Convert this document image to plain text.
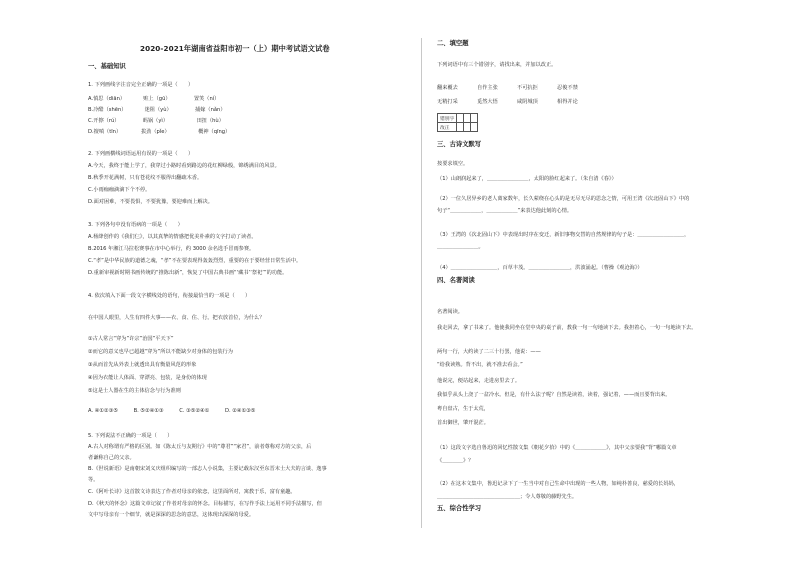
2020-2021年湖南省益阳市初一（上）期中考试语文试卷
一、基础知识
1. 下列画线字注音完全正确的一项是（　　）
A.慎思（diān）　　　　赃上（gū）　　　　　置笑（ní）
B.冷酷（shēn）　　　　迷阻（yù）　　　　　捕嫁（nǎn）
C.开擦（rú）　　　　　蚂锅（yì）　　　　　　田扭（hù）
D.擅嗔（tīn）　　　　 拔劲（pǐe）　　　　　　概神（qīnɡ）
2. 下列画横线词语运用有误的一项是（　　）
A.今天，我终于能上学了，我穿过小路时看到路边的花红柳绿般，锦绣满目的风景。
B.秋季开花满树，只有苍花纹不服得出翻疏木香。
C.小雨痂痂滴滴下个不停。
D.面对困难，不要畏惧，不要犹豫，要迎难而上解决。
3. 下列各句中没有语病的一项是（　　）
A.杨絳创作的《我们仨》，以其真挚的情感把优美朴素的文字打动了读者。
B.2016 年湘江马拉松赛事在市中心举行，约 3000 余名选手冒雨参赛。
C.“孝”是中华民族的道德之魂，“孝”不在要表现得轰轰烈烈，重要的在于要经营日常生活中。
D.重新审视新时期书画传统的“推陈出新”，恢复了中国古典书画“‘藏书’‘祭祀’”的功能。
4. 依次填入下面一段文字横线处的语句，衔接最恰当的一项是（　　）
在中国人眼里，人生有四件大事——衣、食、住、行。把衣放首位，为什么？
①古人常言“穿为”许宗”治国”平天下”
②而它的意义也早已超越“穿为”所以不能缺少对身体的包装行为
③从而首先从外表上就透出具有衡量风范的形象
④因为衣能让人体面、穿漂亮、包装，是身份的体现
⑤这是士人器在生的主体信念与行为准则
A. ④①②③⑤　　　B. ⑤②④①③　　　C. ③⑤②④①　　　D. ②④①③⑤
5. 下列说法不正确的一项是（　　）
A.古人对称谓有严格的区别。如《陈太丘与友期行》中的“尊君”“家君”，前者尊称对方的父亲，后
者谦称自己的父亲。
B.《世说新语》是南朝宋刘义庆组织编写的一部志人小说集，主要记载东汉至东晋末士大夫的言谈、逸事
等。
C.《阿叶长诗》这首散文诗表达了作者对母亲的依恋，这里面所对，寓教于乐，富有童趣。
D.《秋天的怀念》这篇文章记叙了作者对母亲的怀念。目标描写，在写作手法上运用不同手法描写，但
文中写母亲有一个细节，就是深深的思念的意思，这体现出深深的母爱。
二、填空题
下列词语中有三个错别字，请找出来，并加以改正。
翻来覆去	自作主张	不可抗拒	忍俊不禁
无精打采	觅然大悟	咸阴城顶	相得并论
错别字			
改正			
三、古诗文默写
按要求填空。
（1）山朗润起来了，＿＿＿＿＿＿＿＿，太阳的脸红起来了。（朱自清《春》）
（2）一位久居异乡的老人离家数年，长久萦绕在心头的是无尽无尽的思念之情，可用王湾《次北固山下》中的
句子“＿＿＿＿＿＿，＿＿＿＿＿＿”来表达他此刻的心情。
（3）王湾的《次北固山下》中表现出时序在变迁，新旧事物交替的自然规律的句子是：＿＿＿＿＿＿＿＿＿，
＿＿＿＿＿＿＿＿。
（4）＿＿＿＿＿＿＿＿＿，百草丰茂。＿＿＿＿＿＿＿＿，洪波涌起。（曹操《观沧海》）
四、名著阅读
名著阅读。
我走回去，拿了书来了。他使我同坐在堂中央的桌子前，教我一句一句地读下去。我担着心，一句一句地读下去。
两句一行，大约读了二三十行罢，他说：——
“给我读熟。背不出，就不准去看会。”
他说完，便站起来，走进房里去了。
我似乎从头上浇了一盆冷水。但是，有什么法子呢？自然是读着，读着，强记着，——而且要背出来。
粤自盘古，生于太荒，
首出御世，肇开混茫。
（1）这段文字选自鲁迅的回忆性散文集《朝花夕拾》中的《＿＿＿＿＿＿》，其中父亲要我“背”哪篇文章
《＿＿＿＿》？
（2）在这本文集中，鲁迅记录下了一生当中对自己生命中出现的一些人物，如纯朴善良，慈爱的长妈妈，
＿＿＿＿＿＿＿＿＿＿＿＿＿＿＿＿；令人尊敬的藤野先生。
五、综合性学习
